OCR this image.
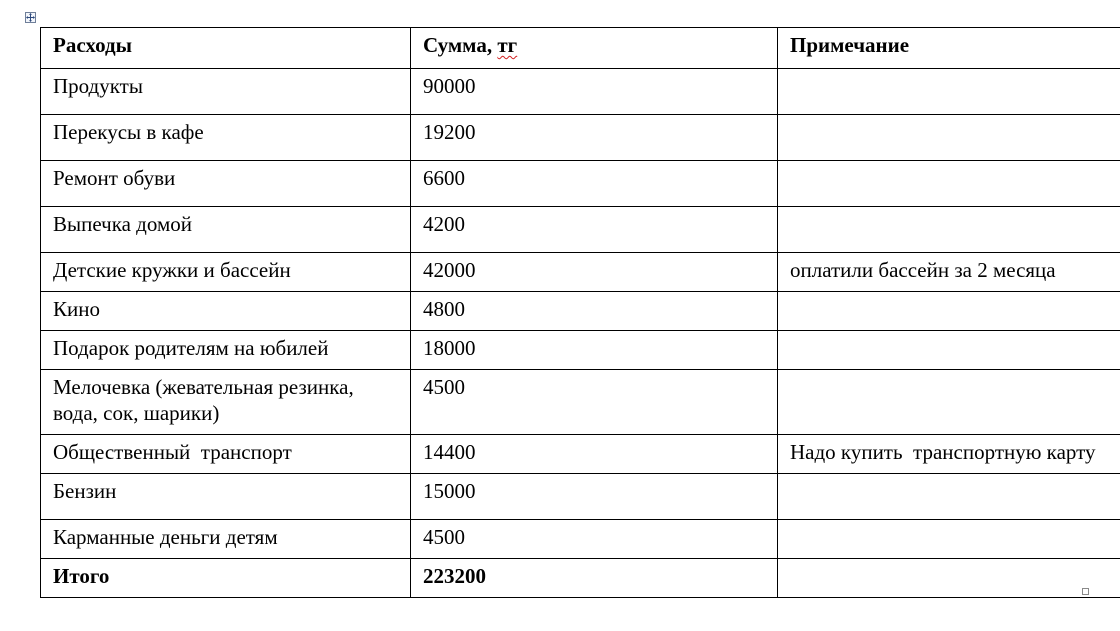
Расходы	Сумма, тг	Примечание
Продукты	90000	
Перекусы в кафе	19200	
Ремонт обуви	6600	
Выпечка домой	4200	
Детские кружки и бассейн	42000	оплатили бассейн за 2 месяца
Кино	4800	
Подарок родителям на юбилей	18000	
Мелочевка (жевательная резинка, вода, сок, шарики)	4500	
Общественный  транспорт	14400	Надо купить  транспортную карту
Бензин	15000	
Карманные деньги детям	4500	
Итого	223200	
